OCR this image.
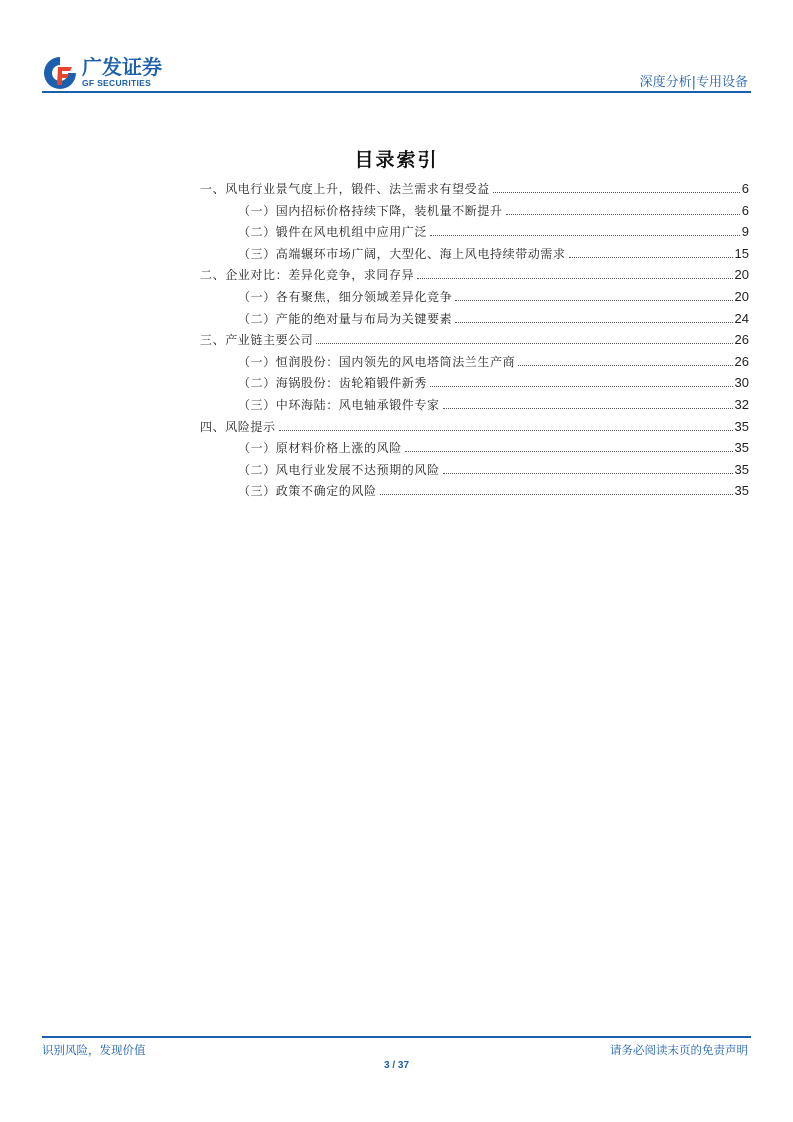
广发证券
GF SECURITIES	深度分析|专用设备
目录索引
一、风电行业景气度上升，锻件、法兰需求有望受益	6
（一）国内招标价格持续下降，装机量不断提升	6
（二）锻件在风电机组中应用广泛	9
（三）高端辗环市场广阔，大型化、海上风电持续带动需求	15
二、企业对比：差异化竞争，求同存异	20
（一）各有聚焦，细分领域差异化竞争	20
（二）产能的绝对量与布局为关键要素	24
三、产业链主要公司	26
（一）恒润股份：国内领先的风电塔筒法兰生产商	26
（二）海锅股份：齿轮箱锻件新秀	30
（三）中环海陆：风电轴承锻件专家	32
四、风险提示	35
（一）原材料价格上涨的风险	35
（二）风电行业发展不达预期的风险	35
（三）政策不确定的风险	35
识别风险，发现价值	请务必阅读末页的免责声明
3 / 37
